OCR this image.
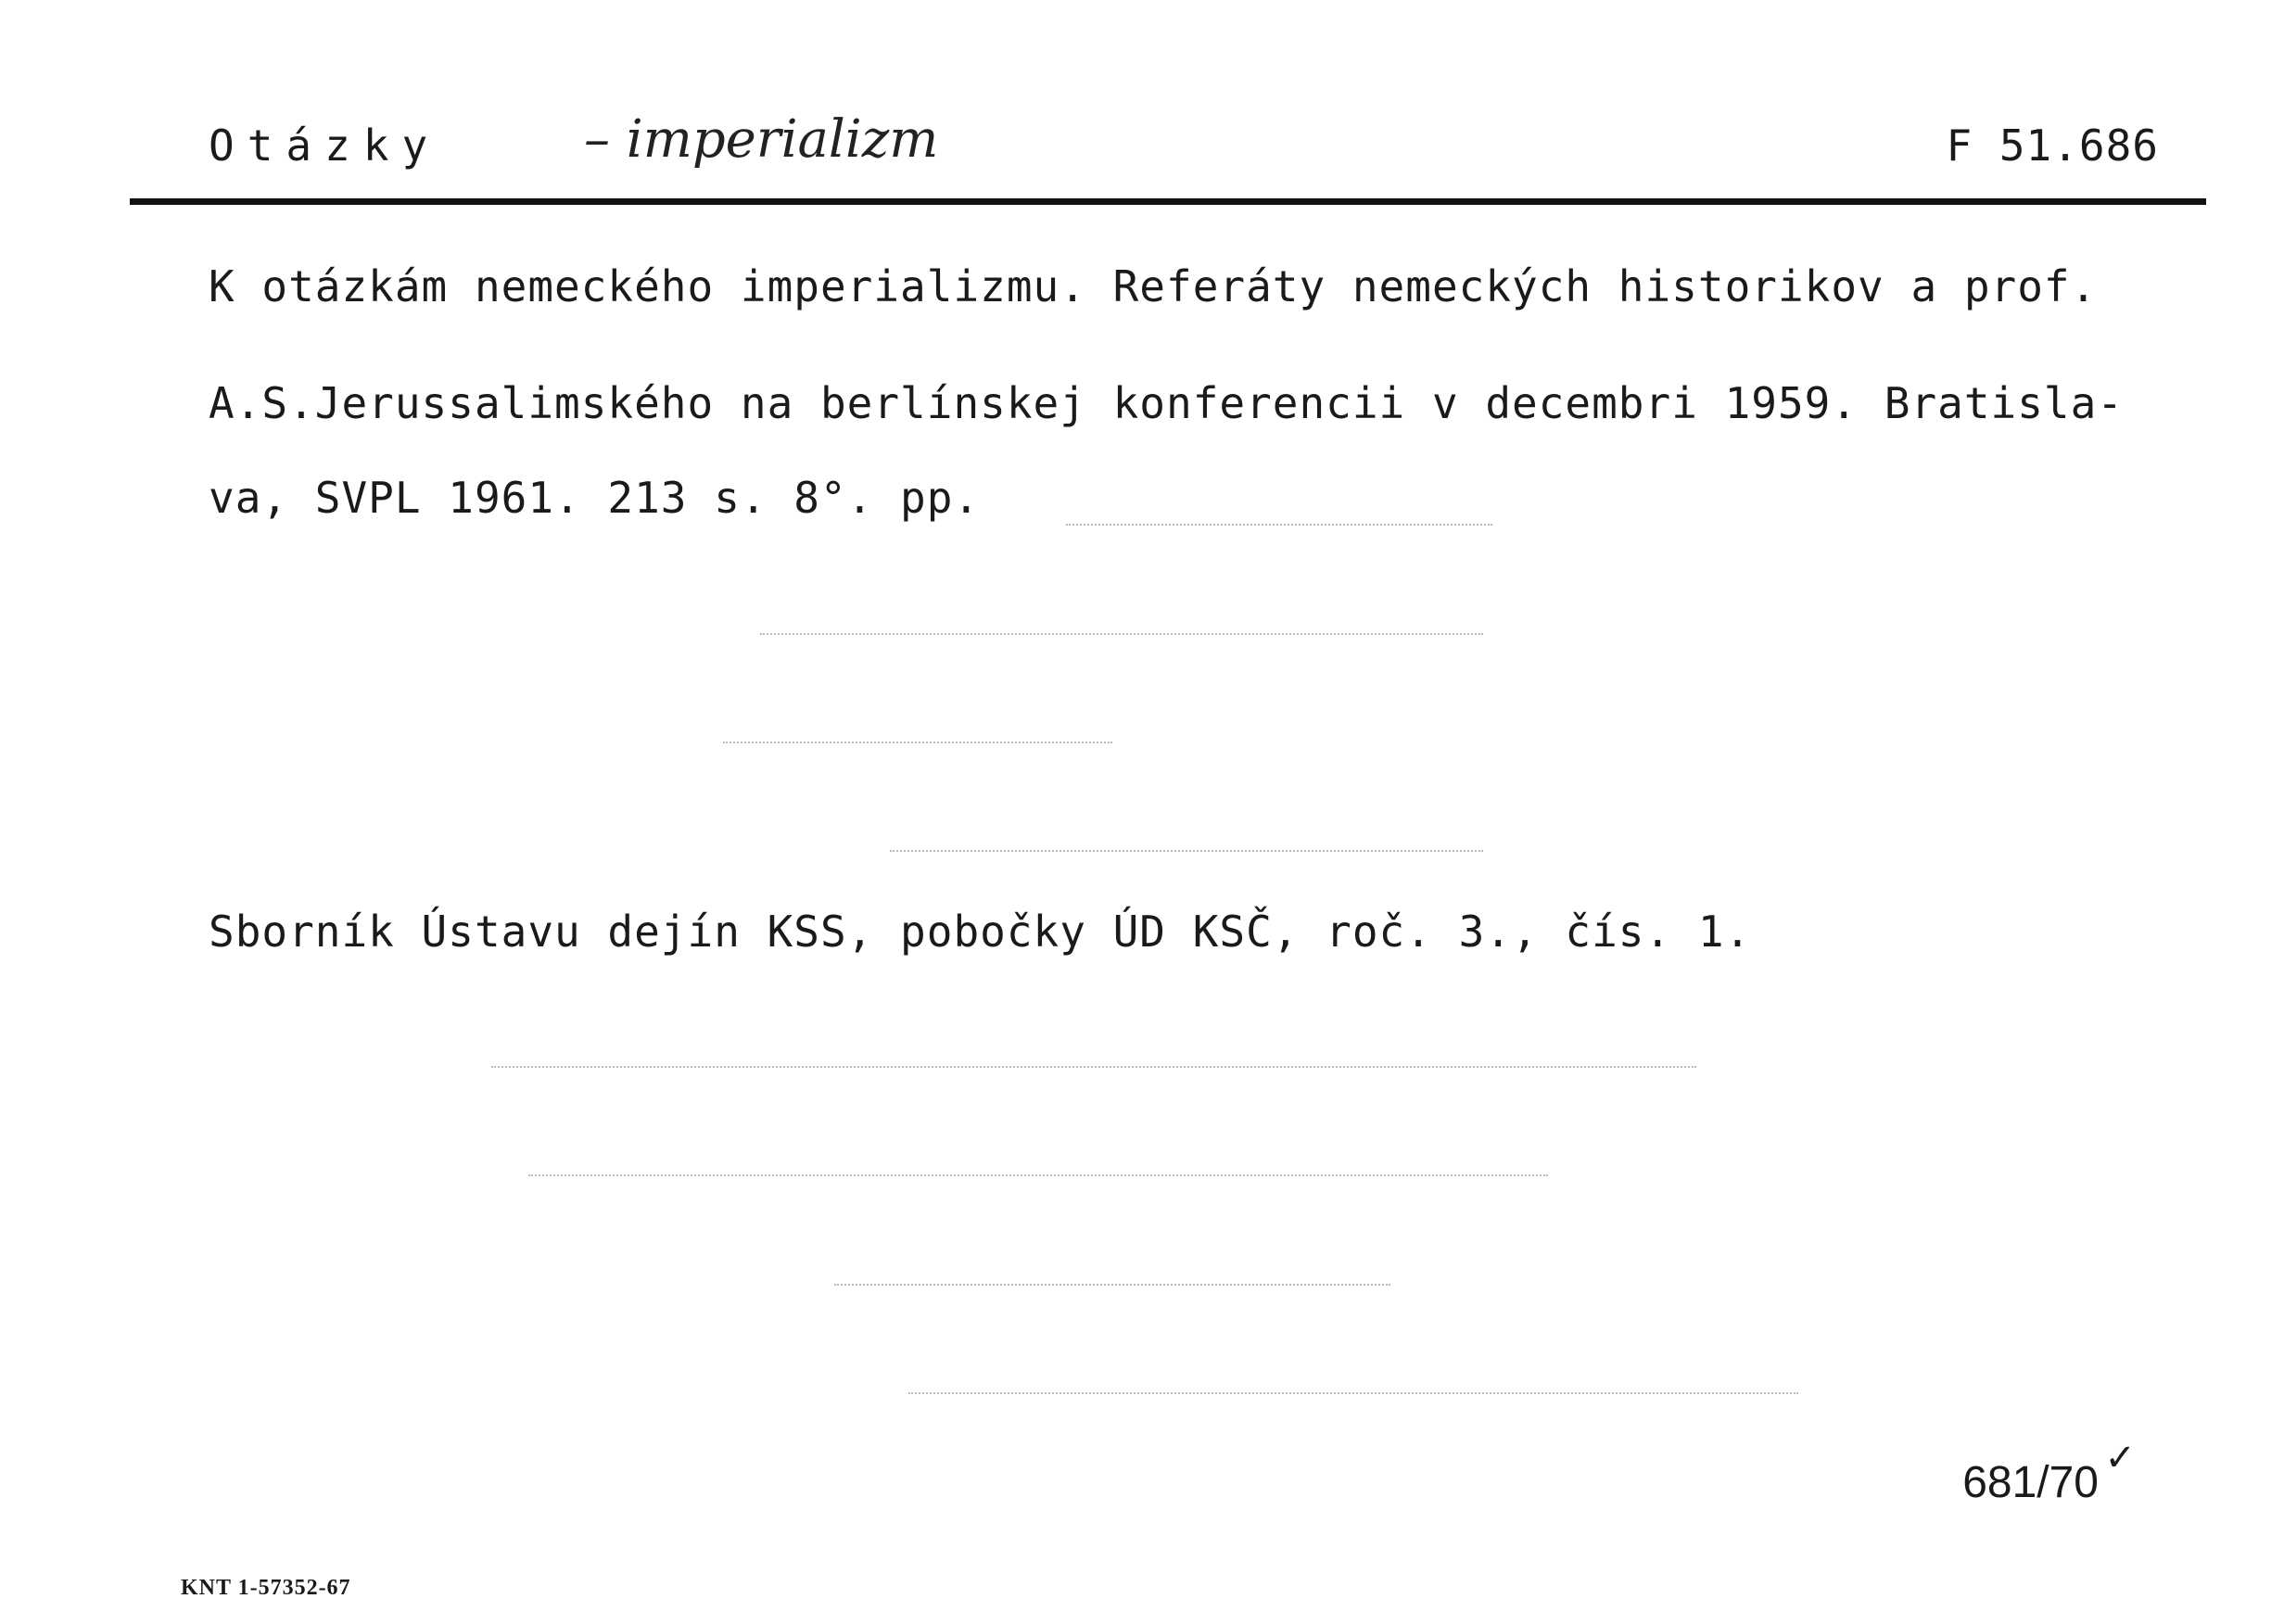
Otázky	– imperializm	F 51.686
K otázkám nemeckého imperializmu. Referáty nemeckých historikov a prof.
A.S.Jerussalimského na berlínskej konferencii v decembri 1959. Bratisla-
va, SVPL 1961. 213 s. 8°. pp.
Sborník Ústavu dejín KSS, pobočky ÚD KSČ, roč. 3., čís. 1.
681/70 ✓
KNT 1-57352-67
